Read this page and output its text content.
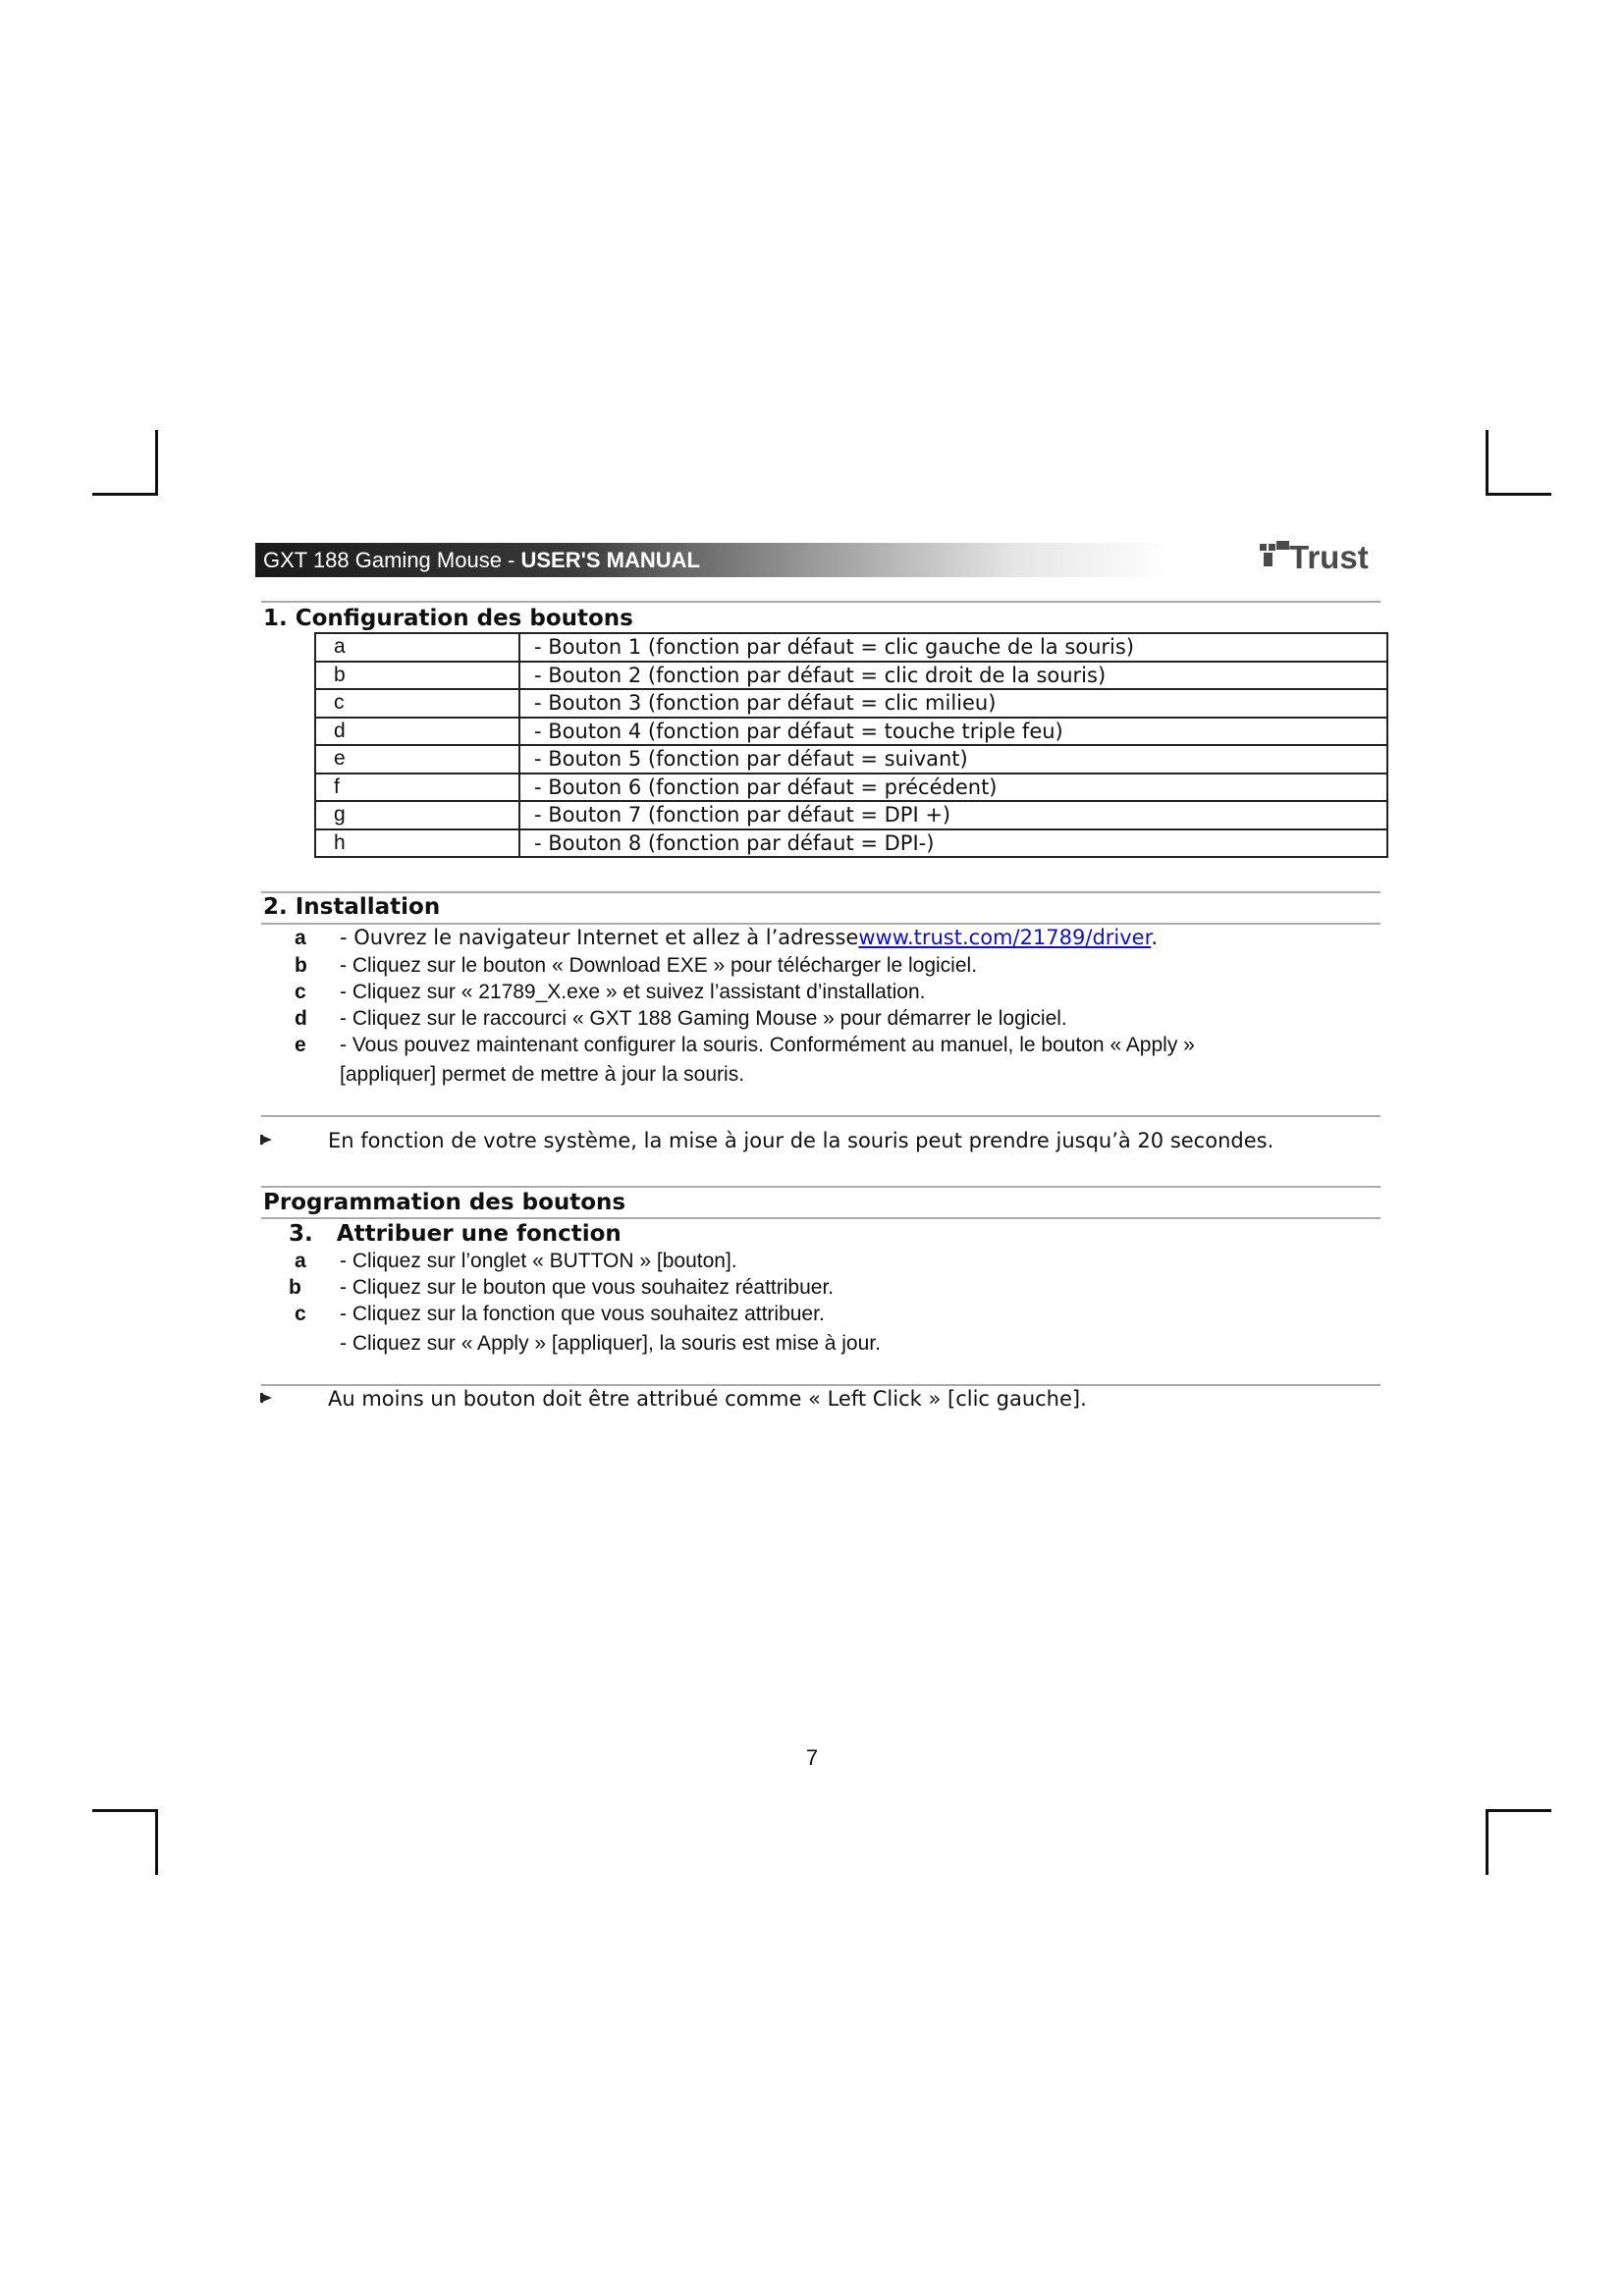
GXT 188 Gaming Mouse - USER'S MANUAL	Trust
1. Configuration des boutons
a	- Bouton 1 (fonction par défaut = clic gauche de la souris)
b	- Bouton 2 (fonction par défaut = clic droit de la souris)
c	- Bouton 3 (fonction par défaut = clic milieu)
d	- Bouton 4 (fonction par défaut = touche triple feu)
e	- Bouton 5 (fonction par défaut = suivant)
f	- Bouton 6 (fonction par défaut = précédent)
g	- Bouton 7 (fonction par défaut = DPI +)
h	- Bouton 8 (fonction par défaut = DPI-)
2. Installation
a - Ouvrez le navigateur Internet et allez à l’adressewww.trust.com/21789/driver.
b - Cliquez sur le bouton « Download EXE » pour télécharger le logiciel.
c - Cliquez sur « 21789_X.exe » et suivez l’assistant d’installation.
d - Cliquez sur le raccourci « GXT 188 Gaming Mouse » pour démarrer le logiciel.
e - Vous pouvez maintenant configurer la souris. Conformément au manuel, le bouton « Apply »
[appliquer] permet de mettre à jour la souris.
En fonction de votre système, la mise à jour de la souris peut prendre jusqu’à 20 secondes.
Programmation des boutons
3. Attribuer une fonction
a - Cliquez sur l’onglet « BUTTON » [bouton].
b - Cliquez sur le bouton que vous souhaitez réattribuer.
c - Cliquez sur la fonction que vous souhaitez attribuer.
- Cliquez sur « Apply » [appliquer], la souris est mise à jour.
Au moins un bouton doit être attribué comme « Left Click » [clic gauche].
7
